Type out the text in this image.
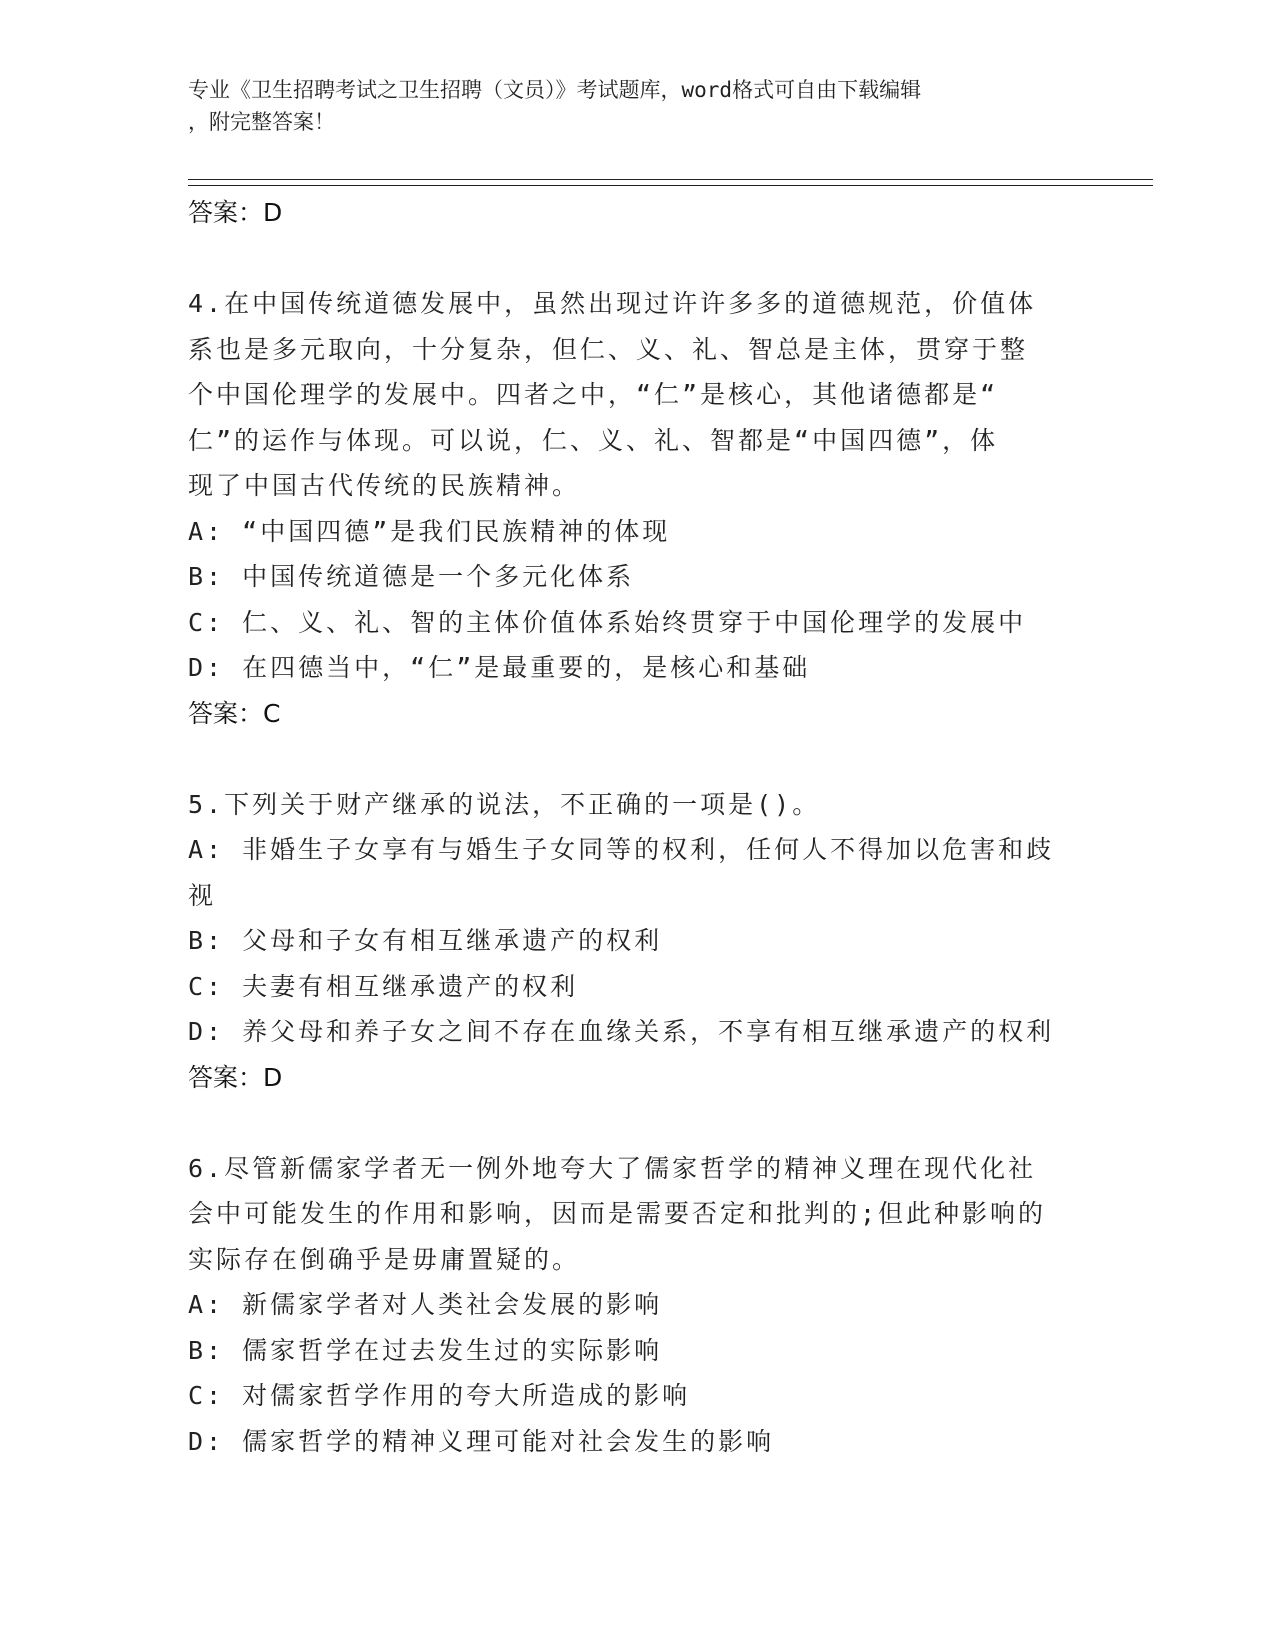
专业《卫生招聘考试之卫生招聘（文员）》考试题库，word格式可自由下载编辑
，附完整答案！
答案：D
4.在中国传统道德发展中，虽然出现过许许多多的道德规范，价值体
系也是多元取向，十分复杂，但仁、义、礼、智总是主体，贯穿于整
个中国伦理学的发展中。四者之中，“仁”是核心，其他诸德都是“
仁”的运作与体现。可以说，仁、义、礼、智都是“中国四德”，体
现了中国古代传统的民族精神。
A: “中国四德”是我们民族精神的体现
B: 中国传统道德是一个多元化体系
C: 仁、义、礼、智的主体价值体系始终贯穿于中国伦理学的发展中
D: 在四德当中，“仁”是最重要的，是核心和基础
答案：C
5.下列关于财产继承的说法，不正确的一项是()。
A: 非婚生子女享有与婚生子女同等的权利，任何人不得加以危害和歧
视
B: 父母和子女有相互继承遗产的权利
C: 夫妻有相互继承遗产的权利
D: 养父母和养子女之间不存在血缘关系，不享有相互继承遗产的权利
答案：D
6.尽管新儒家学者无一例外地夸大了儒家哲学的精神义理在现代化社
会中可能发生的作用和影响，因而是需要否定和批判的;但此种影响的
实际存在倒确乎是毋庸置疑的。
A: 新儒家学者对人类社会发展的影响
B: 儒家哲学在过去发生过的实际影响
C: 对儒家哲学作用的夸大所造成的影响
D: 儒家哲学的精神义理可能对社会发生的影响
